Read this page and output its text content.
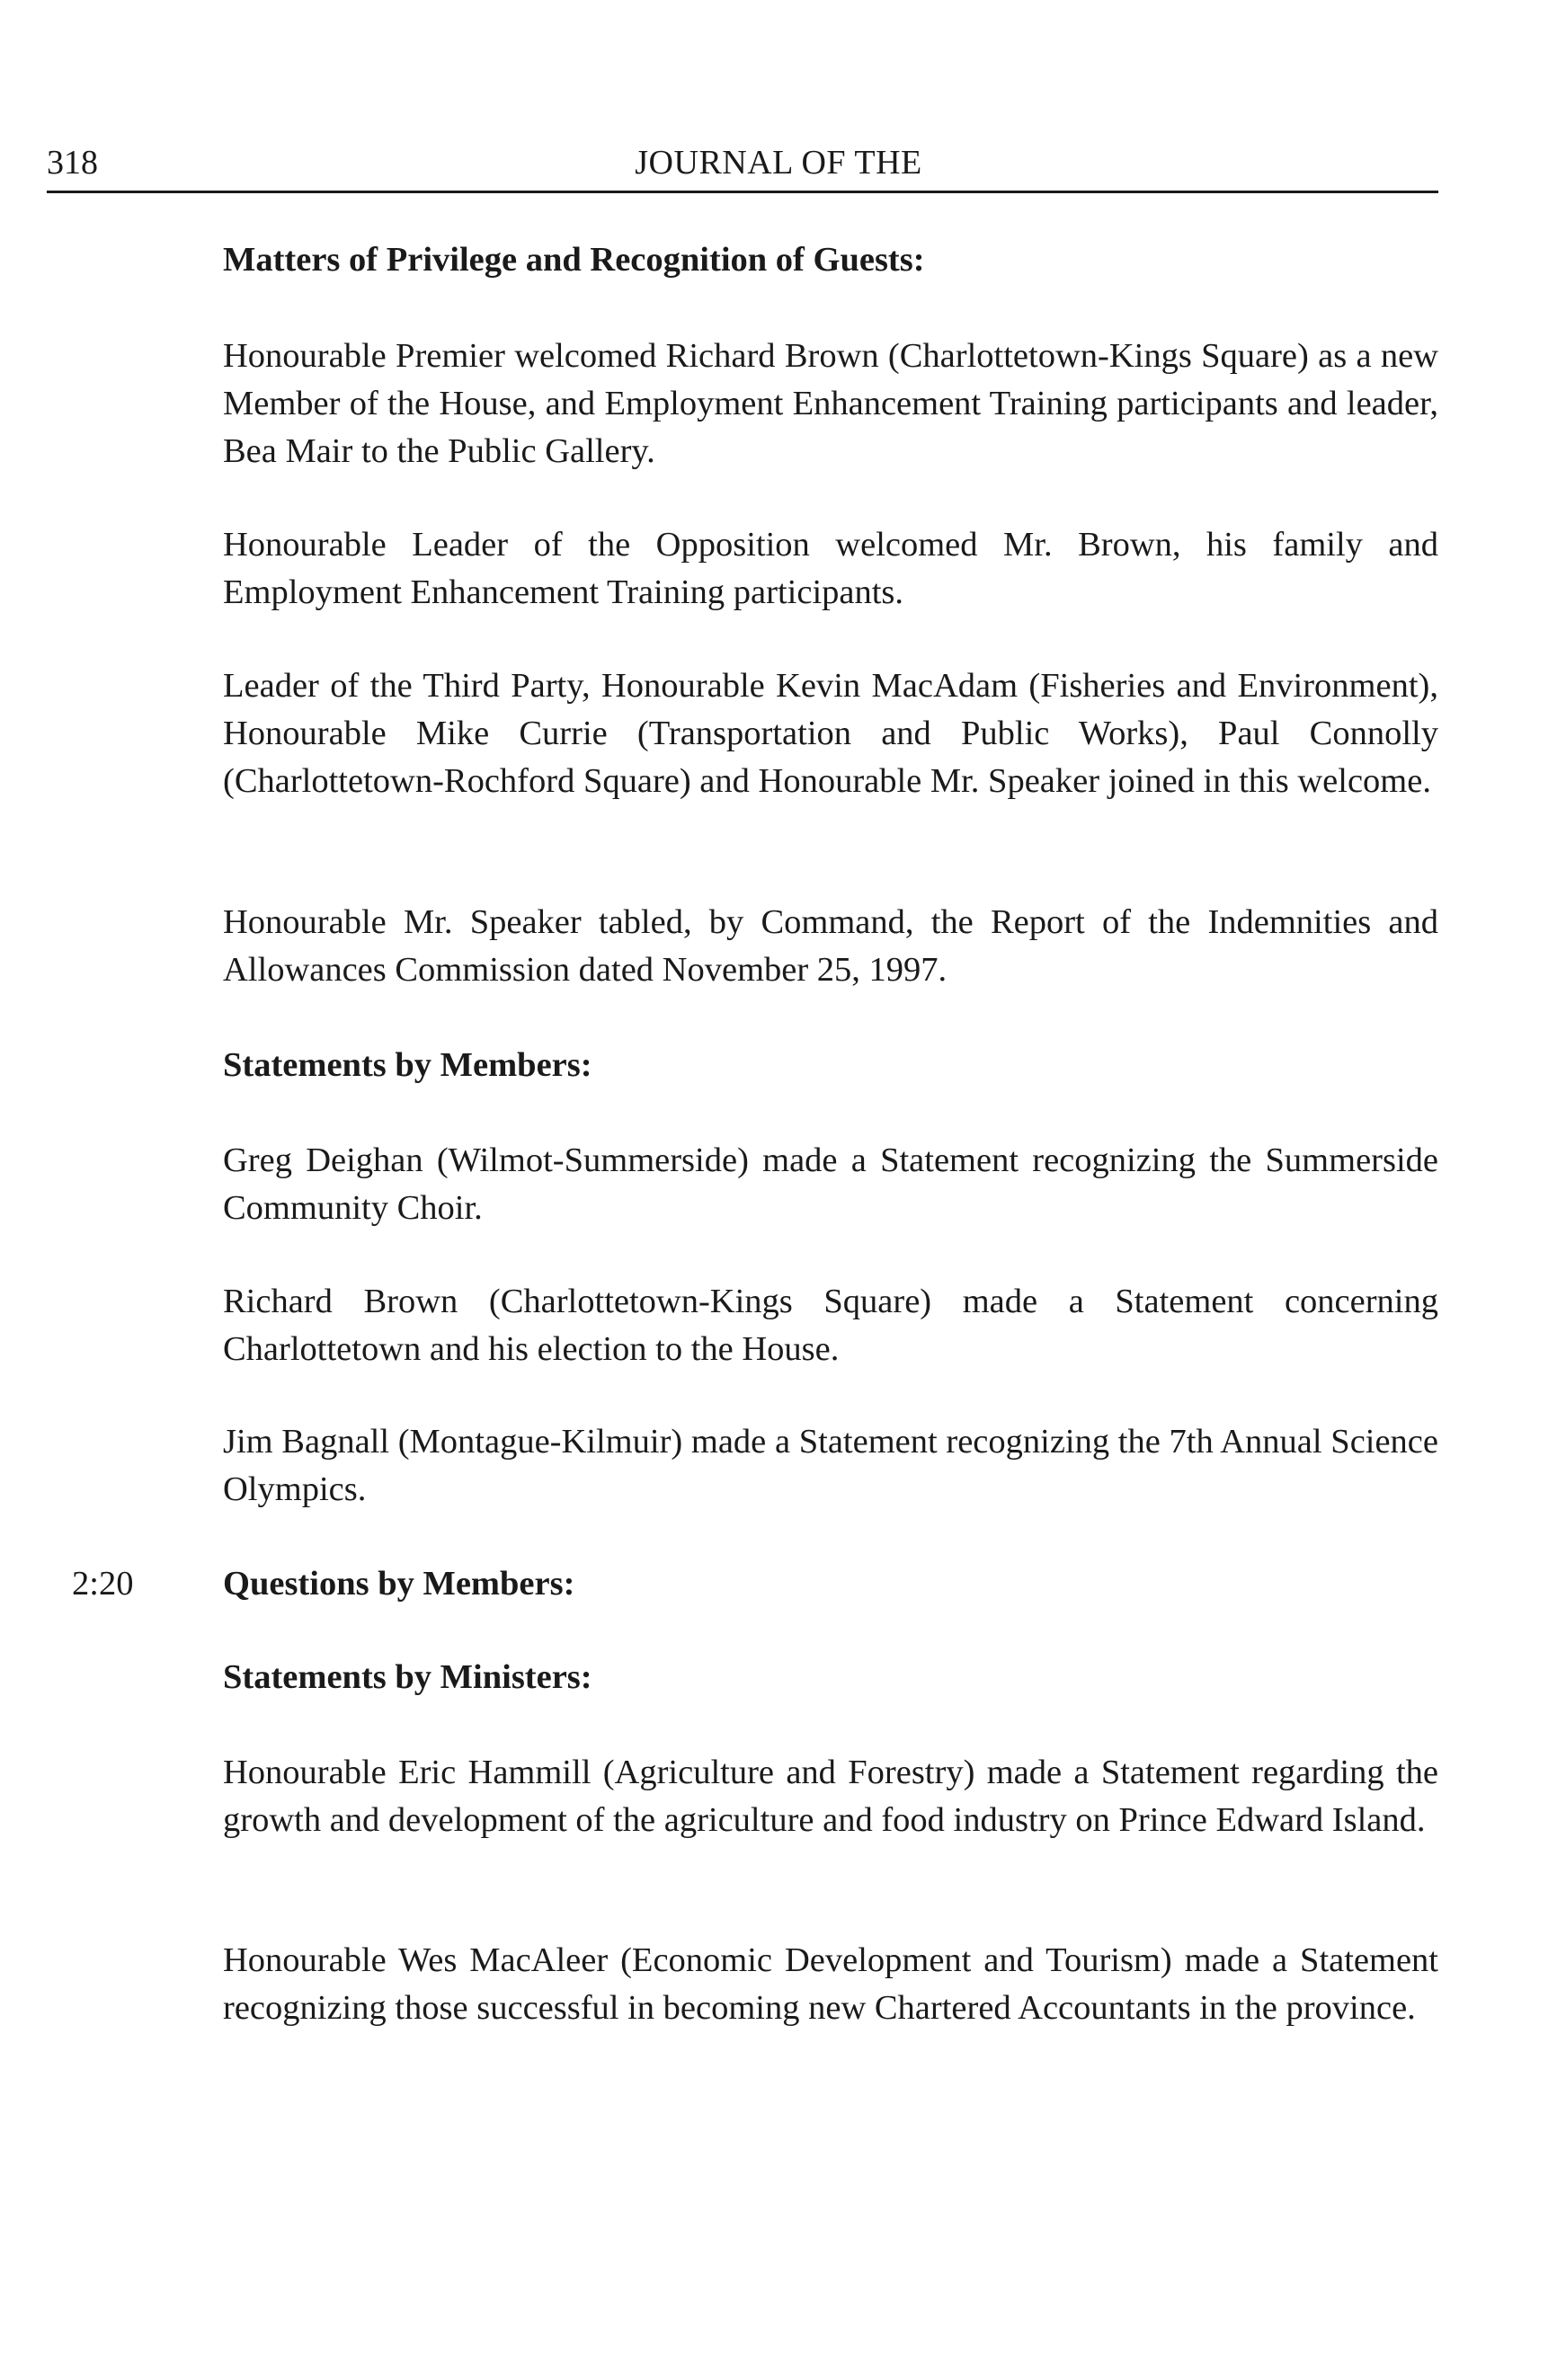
318	JOURNAL OF THE

Matters of Privilege and Recognition of Guests:

Honourable Premier welcomed Richard Brown (Charlottetown-Kings Square) as a new Member of the House, and Employment Enhancement Training participants and leader, Bea Mair to the Public Gallery.

Honourable Leader of the Opposition welcomed Mr. Brown, his family and Employment Enhancement Training participants.

Leader of the Third Party, Honourable Kevin MacAdam (Fisheries and Environment), Honourable Mike Currie (Transportation and Public Works), Paul Connolly (Charlottetown-Rochford Square) and Honourable Mr. Speaker joined in this welcome.

Honourable Mr. Speaker tabled, by Command, the Report of the Indemnities and Allowances Commission dated November 25, 1997.

Statements by Members:

Greg Deighan (Wilmot-Summerside) made a Statement recognizing the Summerside Community Choir.

Richard Brown (Charlottetown-Kings Square) made a Statement concerning Charlottetown and his election to the House.

Jim Bagnall (Montague-Kilmuir) made a Statement recognizing the 7th Annual Science Olympics.

2:20	Questions by Members:

Statements by Ministers:

Honourable Eric Hammill (Agriculture and Forestry) made a Statement regarding the growth and development of the agriculture and food industry on Prince Edward Island.

Honourable Wes MacAleer (Economic Development and Tourism) made a Statement recognizing those successful in becoming new Chartered Accountants in the province.
